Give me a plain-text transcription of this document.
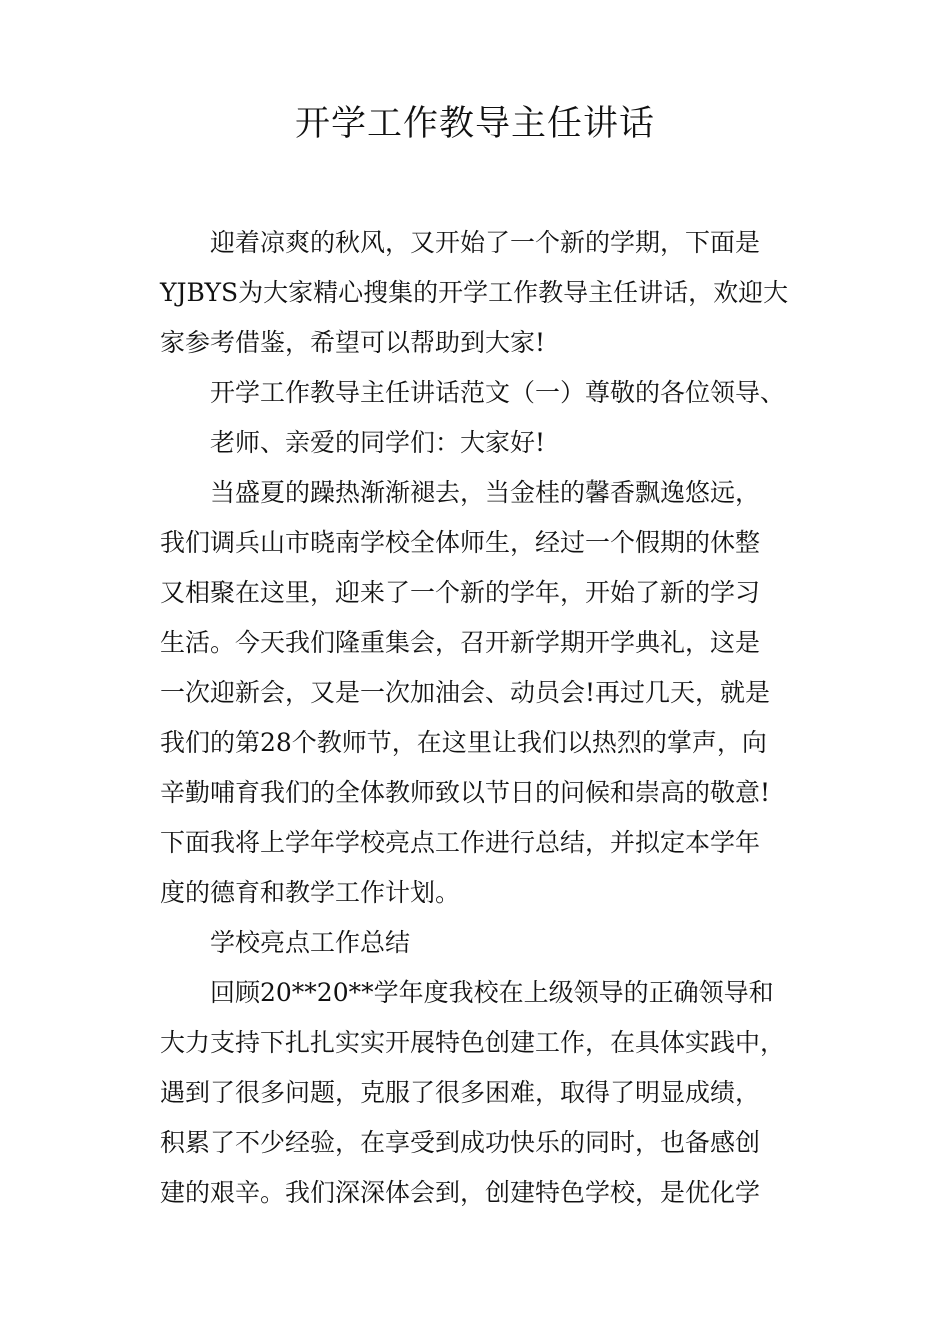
开学工作教导主任讲话
迎着凉爽的秋风，又开始了一个新的学期，下面是
YJBYS为大家精心搜集的开学工作教导主任讲话，欢迎大
家参考借鉴，希望可以帮助到大家!
开学工作教导主任讲话范文（一）尊敬的各位领导、
老师、亲爱的同学们：大家好!
当盛夏的躁热渐渐褪去，当金桂的馨香飘逸悠远，
我们调兵山市晓南学校全体师生，经过一个假期的休整
又相聚在这里，迎来了一个新的学年，开始了新的学习
生活。今天我们隆重集会，召开新学期开学典礼，这是
一次迎新会，又是一次加油会、动员会!再过几天，就是
我们的第28个教师节，在这里让我们以热烈的掌声，向
辛勤哺育我们的全体教师致以节日的问候和崇高的敬意!
下面我将上学年学校亮点工作进行总结，并拟定本学年
度的德育和教学工作计划。
学校亮点工作总结
回顾20**20**学年度我校在上级领导的正确领导和
大力支持下扎扎实实开展特色创建工作，在具体实践中，
遇到了很多问题，克服了很多困难，取得了明显成绩，
积累了不少经验，在享受到成功快乐的同时，也备感创
建的艰辛。我们深深体会到，创建特色学校，是优化学
